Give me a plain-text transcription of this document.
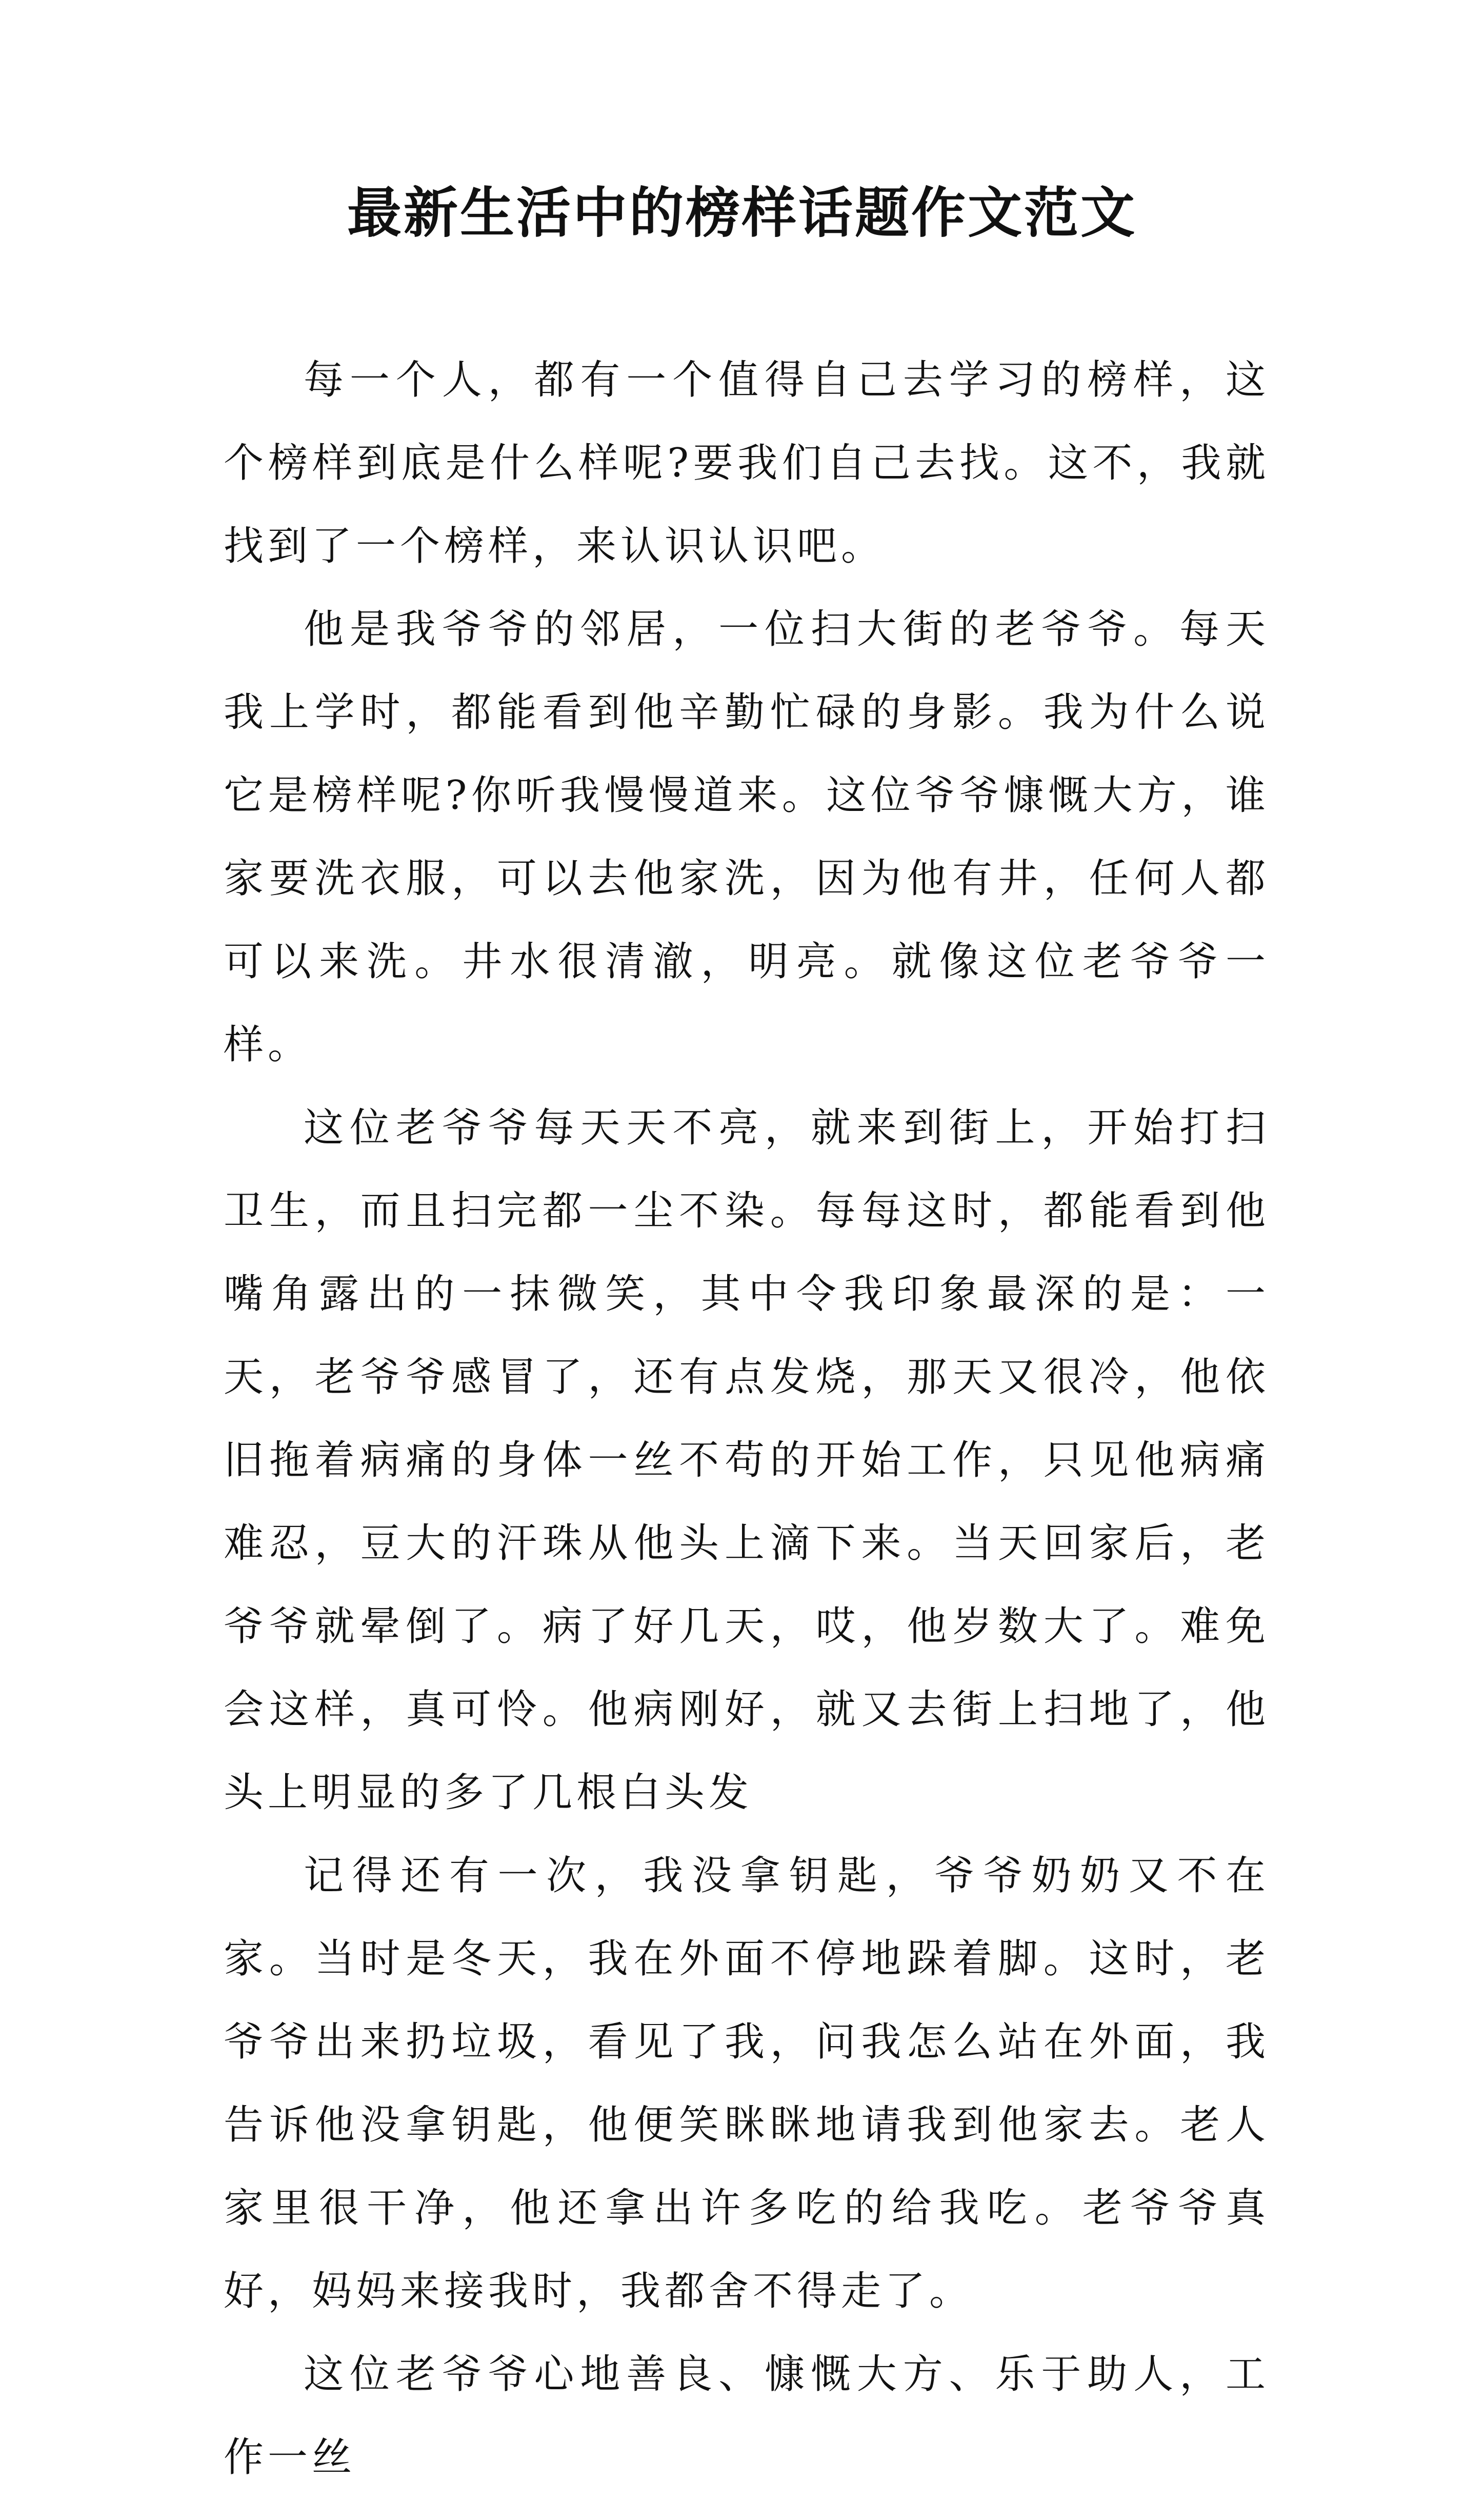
最新生活中的榜样话题作文范文

每一个人，都有一个值得自己去学习的榜样，这个榜样到底是什么样呢?要我们自己去找。这不，我就找到了一个榜样，来认识认识吧。

他是我爷爷的邻居，一位扫大街的老爷爷。每天我上学时，都能看到他辛勤忙碌的身影。我为什么说它是榜样呢?你听我慢慢道来。这位爷爷慷慨大方，谁家要洗衣服，可以去他家洗，因为他有井，任何人都可以来洗。井水很清澈，明亮。就像这位老爷爷一样。

这位老爷爷每天天不亮，就来到街上，开始打扫卫生，而且扫完都一尘不染。每每这时，都能看到他嘴角露出的一抹微笑，其中令我印象最深的是：一天，老爷爷感冒了，还有点发烧，那天又很冷，他依旧拖着病痛的身体一丝不苟的开始工作，只见他病痛难忍，豆大的汗珠从他头上滴下来。当天回家后，老爷爷就晕倒了。病了好几天，哎，他岁数大了。难免会这样，真可怜。他病刚好，就又去街上扫地了，他头上明显的多了几根白头发

记得还有一次，我没拿钥匙，爷爷奶奶又不在家。当时是冬天，我在外面不停地跺着脚。这时，老爷爷出来扔垃圾，看见了我，问我怎么站在外面，我告诉他没拿钥匙，他便笑眯眯地请我到他家去。老人家里很干净，他还拿出许多吃的给我吃。老爷爷真好，妈妈来接我时，我都舍不得走了。

这位老爷爷心地善良、慷慨大方、乐于助人，工作一丝
